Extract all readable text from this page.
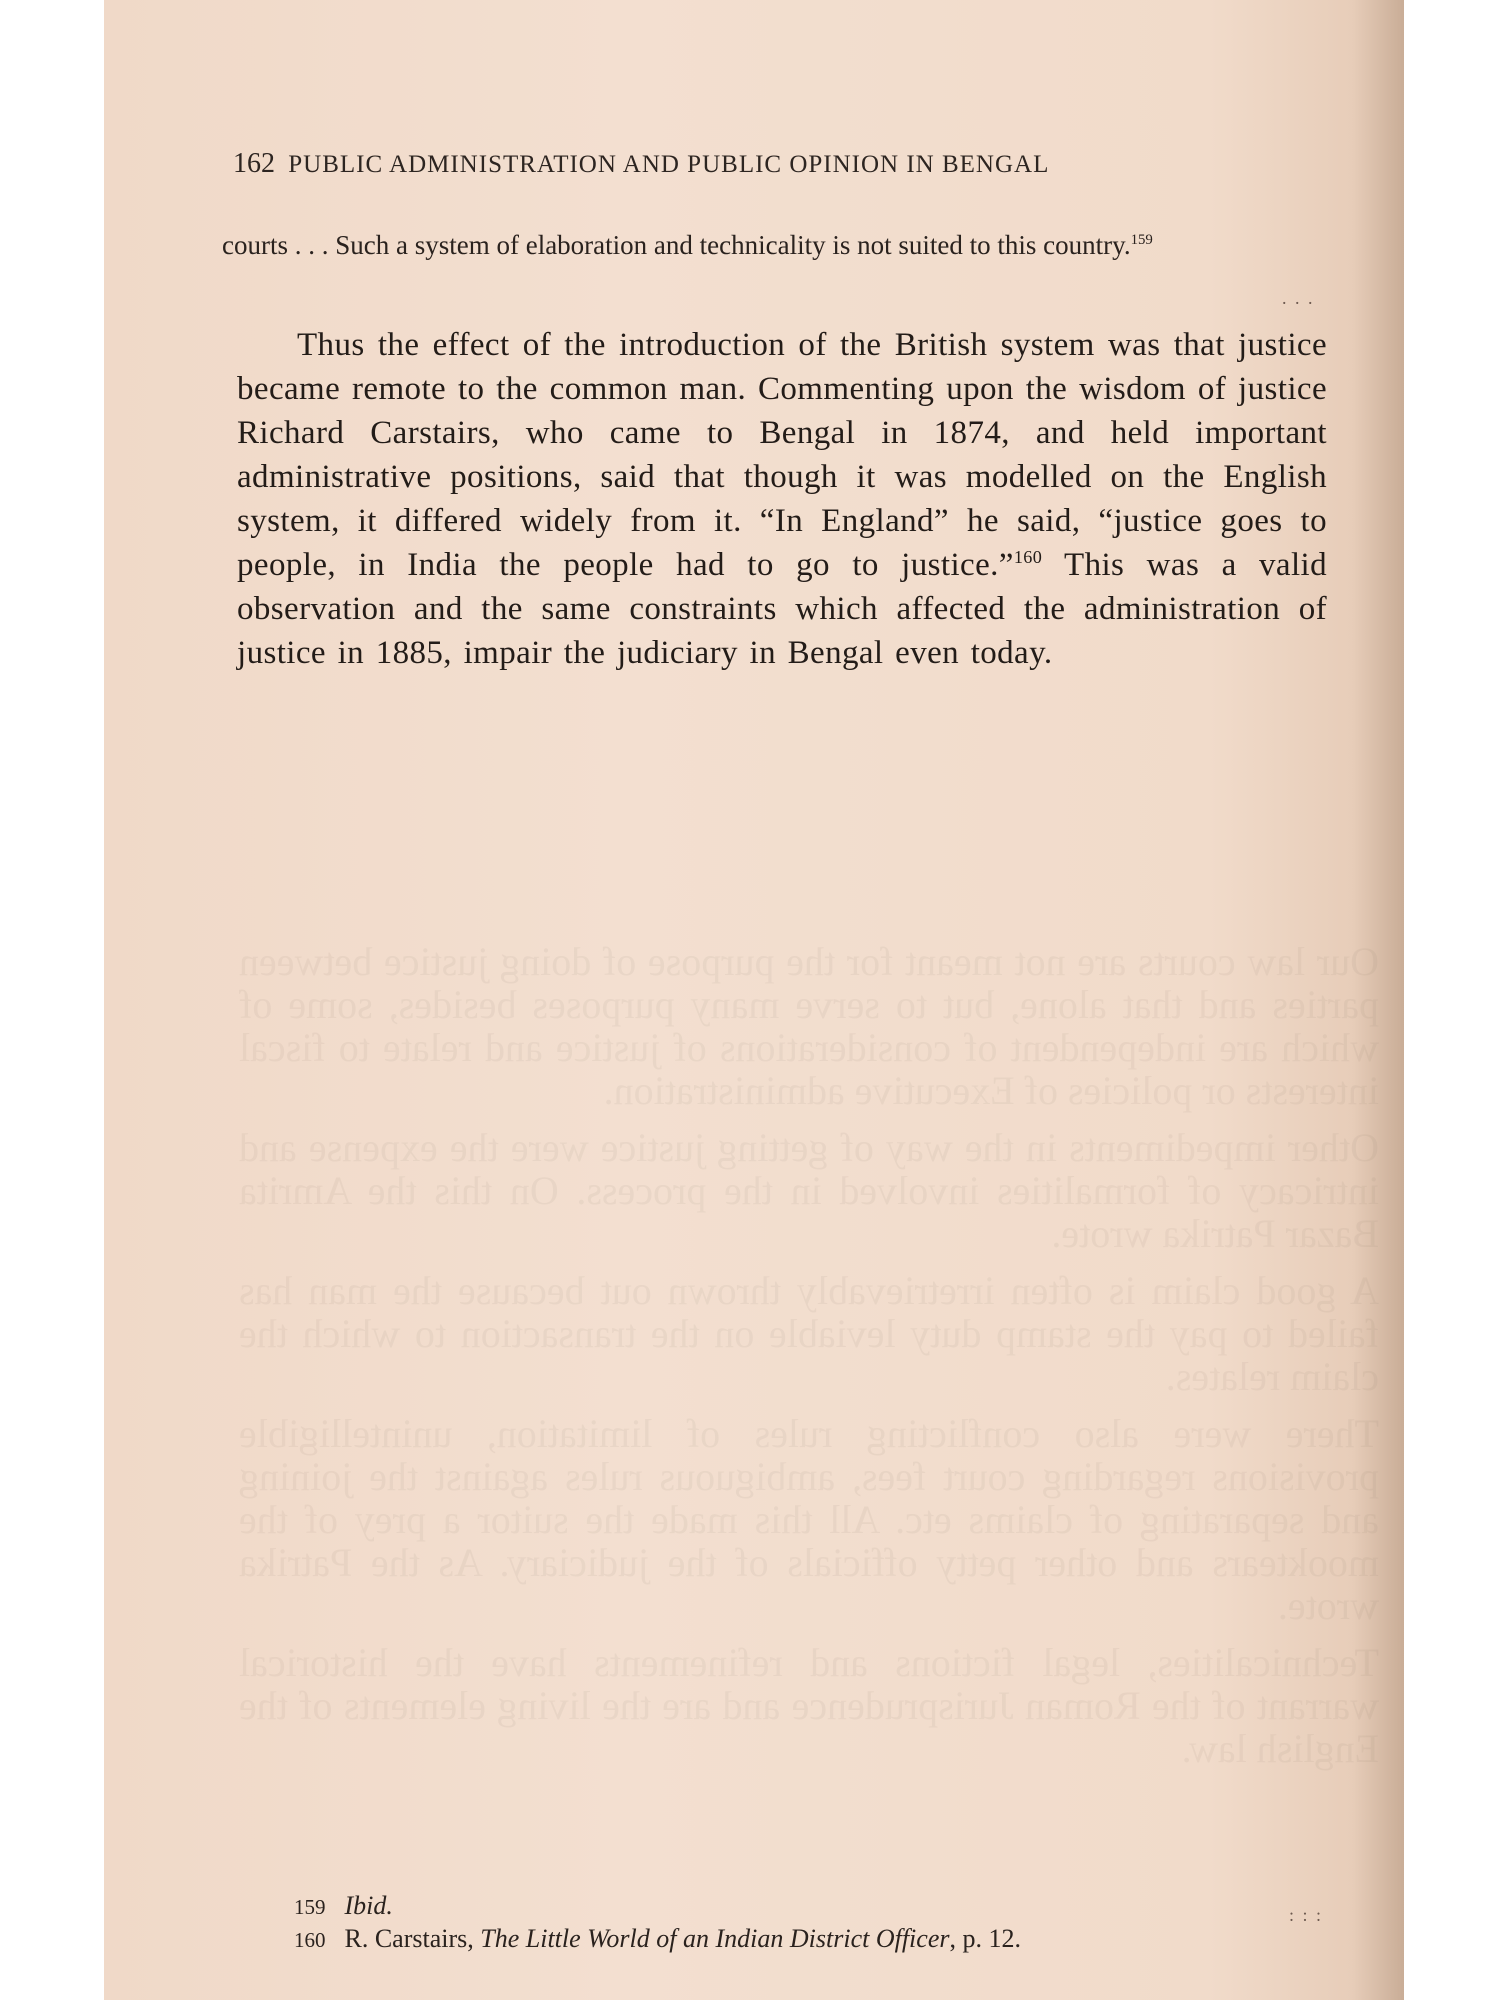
Our law courts are not meant for the purpose of doing justice between parties and that alone, but to serve many purposes besides, some of which are independent of considerations of justice and relate to fiscal interests or policies of Executive administration.

Other impediments in the way of getting justice were the expense and intricacy of formalities involved in the process. On this the Amrita Bazar Patrika wrote.

A good claim is often irretrievably thrown out because the man has failed to pay the stamp duty leviable on the transaction to which the claim relates.

There were also conflicting rules of limitation, unintelligible provisions regarding court fees, ambiguous rules against the joining and separating of claims etc. All this made the suitor a prey of the mooktears and other petty officials of the judiciary. As the Patrika wrote.

Technicalities, legal fictions and refinements have the historical warrant of the Roman Jurisprudence and are the living elements of the English law.

162 PUBLIC ADMINISTRATION AND PUBLIC OPINION IN BENGAL
courts . . . Such a system of elaboration and technicality is not suited to this country.$^{159}$

Thus the effect of the introduction of the British system was that justice became remote to the common man. Commenting upon the wisdom of justice Richard Carstairs, who came to Bengal in 1874, and held important administrative positions, said that though it was modelled on the English system, it differed widely from it. “In England” he said, “justice goes to people, in India the people had to go to justice.”$^{160}$ This was a valid observation and the same constraints which affected the administration of justice in 1885, impair the judiciary in Bengal even today.

159 Ibid.
160 R. Carstairs, The Little World of an Indian District Officer, p. 12.
. . .
: : :
